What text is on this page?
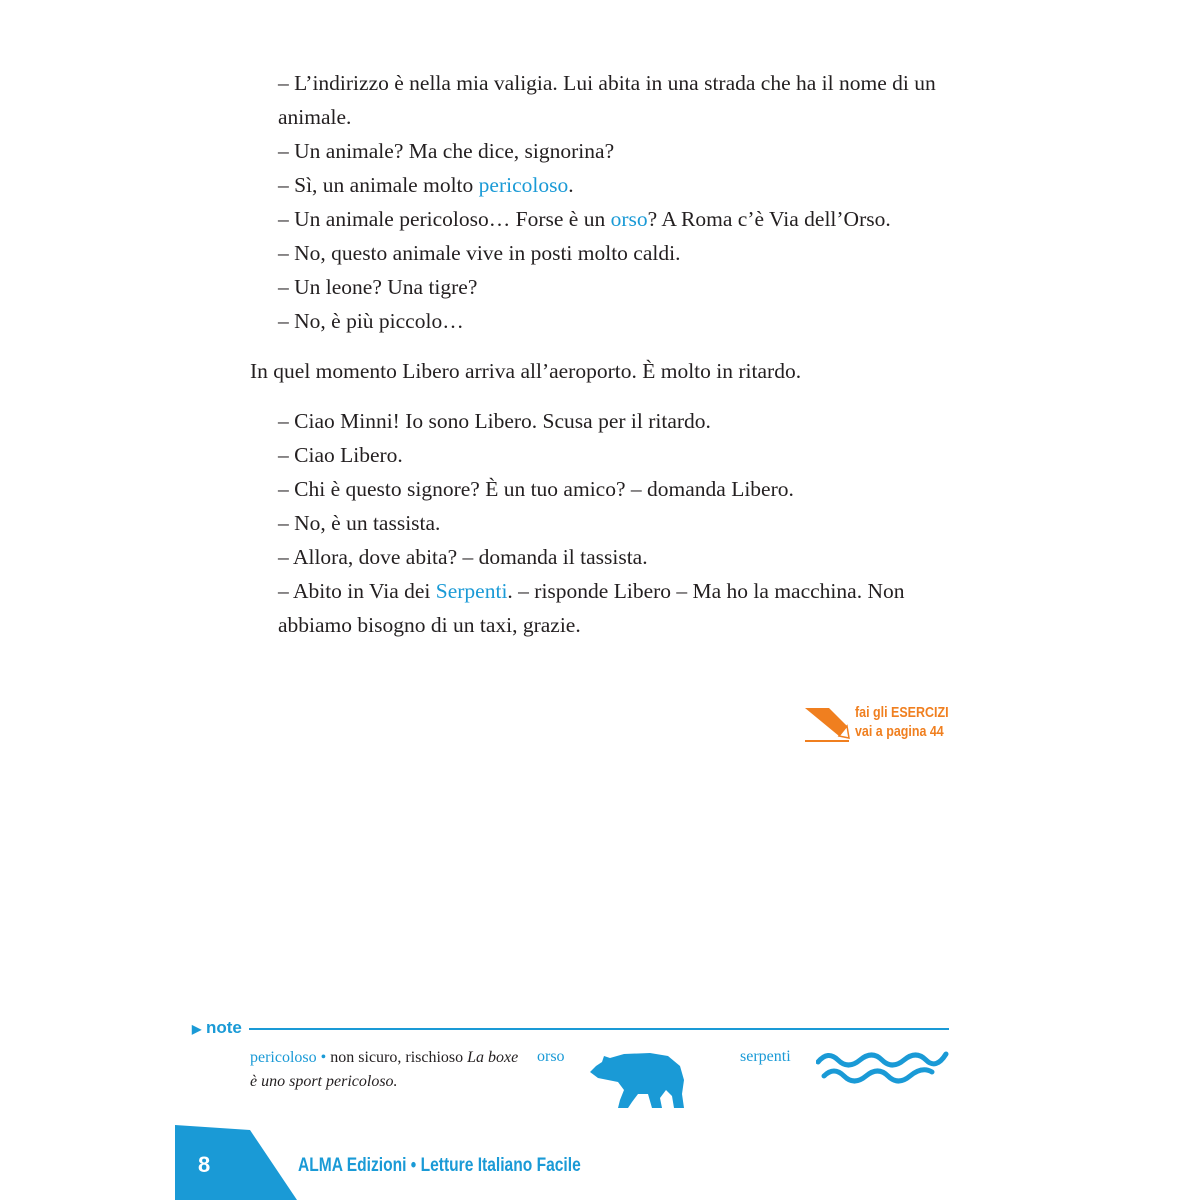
– L’indirizzo è nella mia valigia. Lui abita in una strada che ha il nome di un animale.

– Un animale? Ma che dice, signorina?

– Sì, un animale molto pericoloso.

– Un animale pericoloso… Forse è un orso? A Roma c’è Via dell’Orso.

– No, questo animale vive in posti molto caldi.

– Un leone? Una tigre?

– No, è più piccolo…

In quel momento Libero arriva all’aeroporto. È molto in ritardo.

– Ciao Minni! Io sono Libero. Scusa per il ritardo.

– Ciao Libero.

– Chi è questo signore? È un tuo amico? – domanda Libero.

– No, è un tassista.

– Allora, dove abita? – domanda il tassista.

– Abito in Via dei Serpenti. – risponde Libero – Ma ho la macchina. Non abbiamo bisogno di un taxi, grazie.

fai gli ESERCIZI
vai a pagina 44
▶ note
pericoloso • non sicuro, rischioso La boxe è uno sport pericoloso.
orso	serpenti
8	ALMA Edizioni • Letture Italiano Facile
